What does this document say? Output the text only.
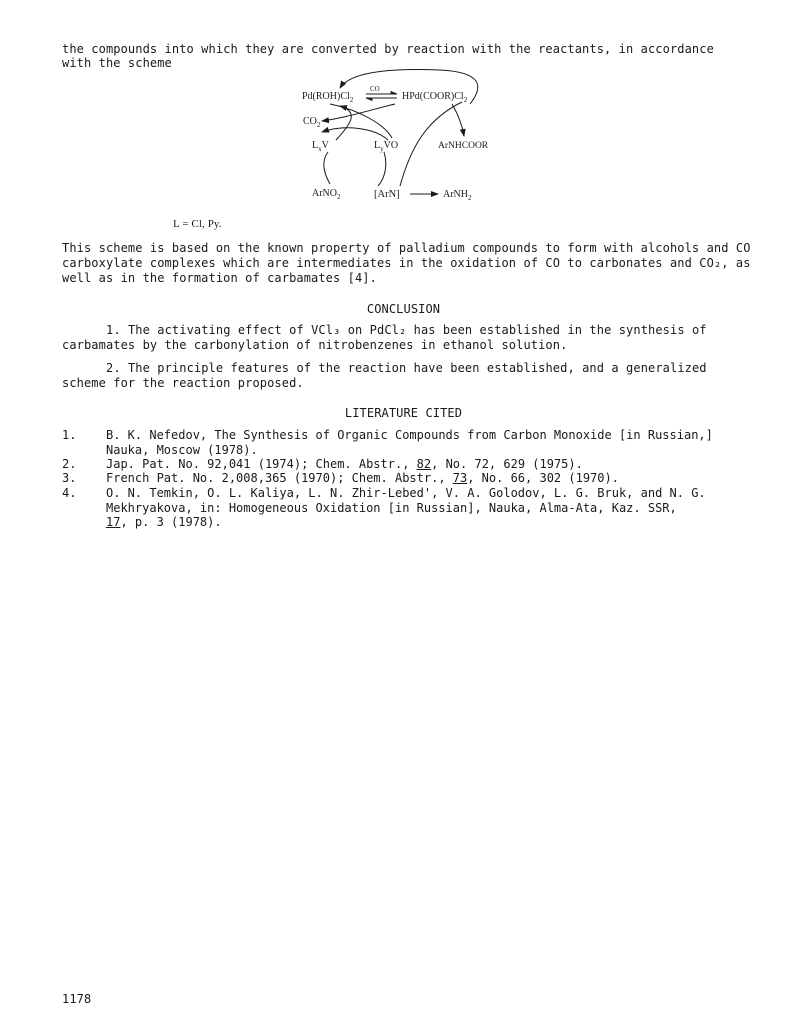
the compounds into which they are converted by reaction with the reactants, in accordance
with the scheme
$Pd(ROH)Cl_2$
CO
$HPd(COOR)Cl_2$
$CO_2$
$L_xV$	$L_yVO$	ArNHCOOR
ArNO$_2$	[ArN]	ArNH$_2$
L = Cl, Py.
This scheme is based on the known property of palladium compounds to form with alcohols and CO
carboxylate complexes which are intermediates in the oxidation of CO to carbonates and CO₂, as
well as in the formation of carbamates [4].
CONCLUSION
1. The activating effect of VCl₃ on PdCl₂ has been established in the synthesis of
carbamates by the carbonylation of nitrobenzenes in ethanol solution.
2. The principle features of the reaction have been established, and a generalized
scheme for the reaction proposed.
LITERATURE CITED
1. B. K. Nefedov, The Synthesis of Organic Compounds from Carbon Monoxide [in Russian,]
Nauka, Moscow (1978).
2. Jap. Pat. No. 92,041 (1974); Chem. Abstr., 82, No. 72, 629 (1975).
3. French Pat. No. 2,008,365 (1970); Chem. Abstr., 73, No. 66, 302 (1970).
4. O. N. Temkin, O. L. Kaliya, L. N. Zhir-Lebed', V. A. Golodov, L. G. Bruk, and N. G.
Mekhryakova, in: Homogeneous Oxidation [in Russian], Nauka, Alma-Ata, Kaz. SSR,
17, p. 3 (1978).
1178
